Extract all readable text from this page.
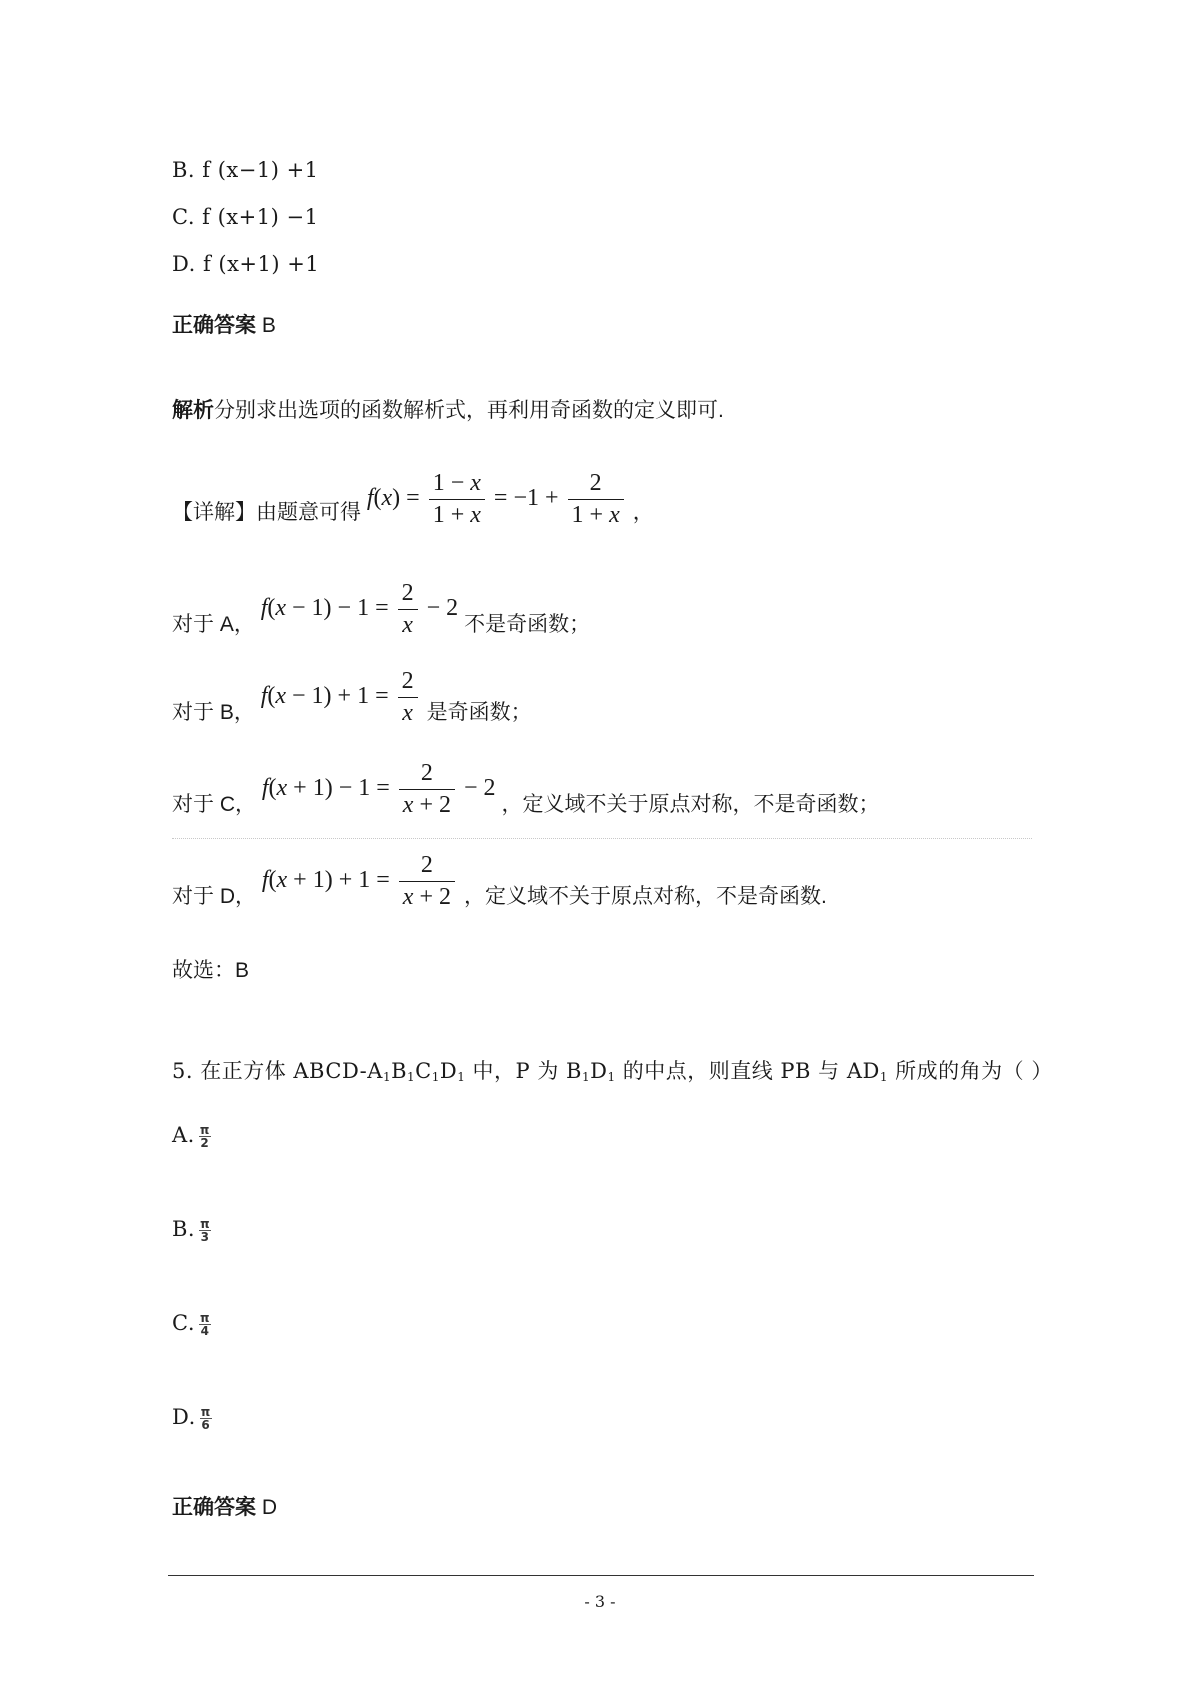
B. f (x−1) +1
C. f (x+1) −1
D. f (x+1) +1
正确答案 B
解析分别求出选项的函数解析式，再利用奇函数的定义即可.
【详解】由题意可得 $f(x) = \frac{1 - x}{1 + x} = -1 + \frac{2}{1 + x}$ ，
对于 A， $f(x - 1) - 1 = \frac{2}{x} - 2$ 不是奇函数；
对于 B， $f(x - 1) + 1 = \frac{2}{x}$ 是奇函数；
对于 C， $f(x + 1) - 1 = \frac{2}{x + 2} - 2$ ，定义域不关于原点对称，不是奇函数；
对于 D， $f(x + 1) + 1 = \frac{2}{x + 2}$ ，定义域不关于原点对称，不是奇函数.
故选：B
5. 在正方体 ABCD-$A_1B_1C_1D_1$ 中，P 为 $B_1D_1$ 的中点，则直线 PB 与 $AD_1$ 所成的角为（ ）
A. $\frac{\pi}{2}$
B. $\frac{\pi}{3}$
C. $\frac{\pi}{4}$
D. $\frac{\pi}{6}$
正确答案 D
- 3 -
